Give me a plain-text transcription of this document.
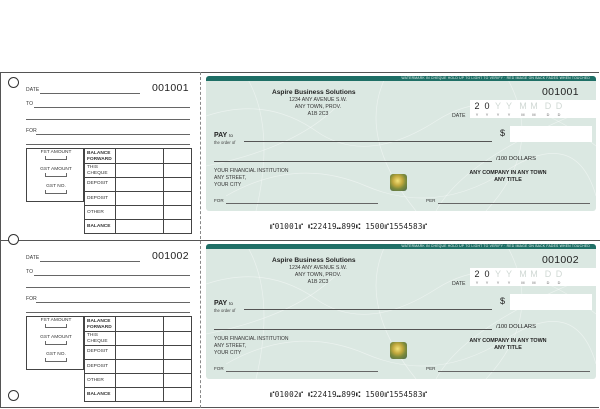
DATE	001001
TO
FOR
FST AMOUNT
GST AMOUNT
GST NO.
BALANCE FORWARD
THIS CHEQUE
DEPOSIT
DEPOSIT
OTHER
BALANCE
WATERMARK IN CHEQUE HOLD UP TO LIGHT TO VERIFY · RED IMAGE ON BACK FADES WHEN TOUCHED
Aspire Business Solutions
1234 ANY AVENUE S.W.
ANY TOWN, PROV.
A1B 2C3
001001
2 0 Y Y M M D D
Y	Y	Y	Y	M	M	D	D
DATE
PAY to
the order of
$
/100 DOLLARS
YOUR FINANCIAL INSTITUTION
ANY STREET,
YOUR CITY
ANY COMPANY IN ANY TOWN
ANY TITLE
FOR	PER
⑈01001⑈ ⑆22419⑉899⑆ 1500⑈1554583⑈
DATE	001002
TO
FOR
FST AMOUNT
GST AMOUNT
GST NO.
BALANCE FORWARD
THIS CHEQUE
DEPOSIT
DEPOSIT
OTHER
BALANCE
WATERMARK IN CHEQUE HOLD UP TO LIGHT TO VERIFY · RED IMAGE ON BACK FADES WHEN TOUCHED
Aspire Business Solutions
1234 ANY AVENUE S.W.
ANY TOWN, PROV.
A1B 2C3
001002
2 0 Y Y M M D D
Y	Y	Y	Y	M	M	D	D
DATE
PAY to
the order of
$
/100 DOLLARS
YOUR FINANCIAL INSTITUTION
ANY STREET,
YOUR CITY
ANY COMPANY IN ANY TOWN
ANY TITLE
FOR	PER
⑈01002⑈ ⑆22419⑉899⑆ 1500⑈1554583⑈
